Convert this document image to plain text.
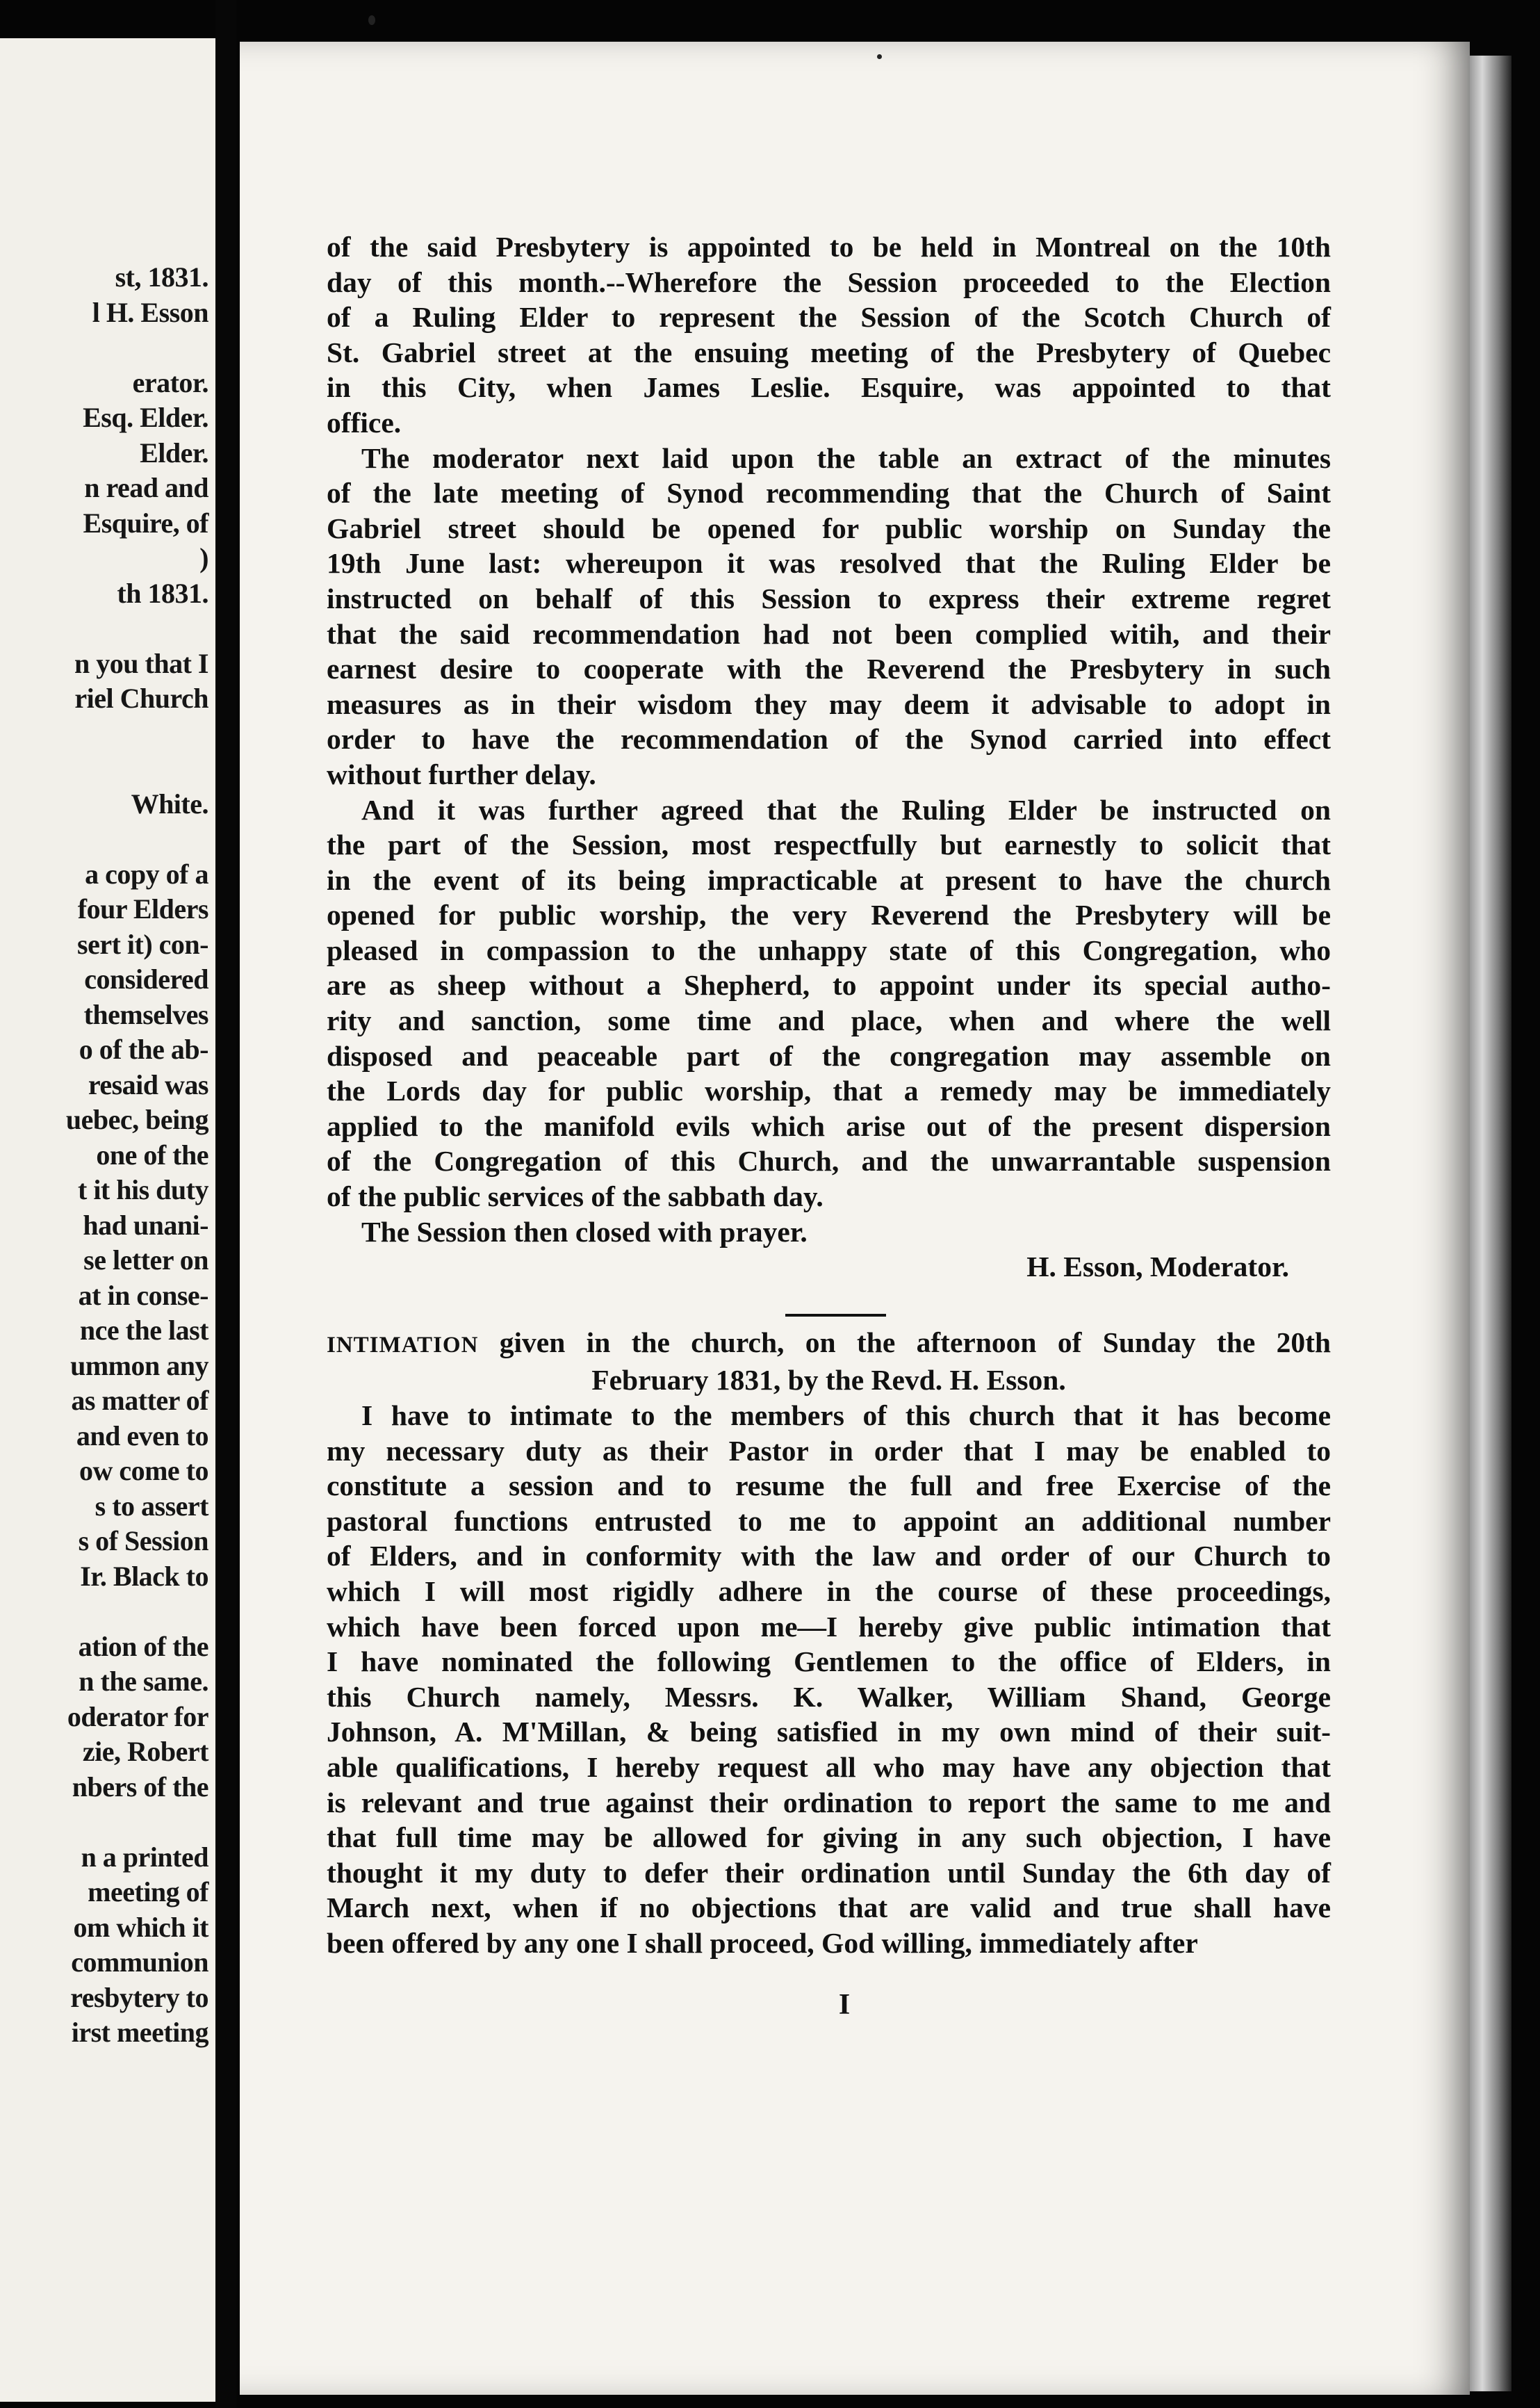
st, 1831.
l H. Esson
erator.
Esq. Elder.
Elder.
n read and
Esquire, of
)
th 1831.
n you that I
riel Church
White.
a copy of a
four Elders
sert it) con-
considered
themselves
o of the ab-
resaid was
uebec, being
one of the
t it his duty
had unani-
se letter on
at in conse-
nce the last
ummon any
as matter of
and even to
ow come to
s to assert
s of Session
Ir. Black to
ation of the
n the same.
oderator for
zie, Robert
nbers of the
n a printed
meeting of
om which it
communion
resbytery to
irst meeting
of the said Presbytery is appointed to be held in Montreal on the 10th
day of this month.--Wherefore the Session proceeded to the Election
of a Ruling Elder to represent the Session of the Scotch Church of
St. Gabriel street at the ensuing meeting of the Presbytery of Quebec
in this City, when James Leslie. Esquire, was appointed to that
office.
The moderator next laid upon the table an extract of the minutes
of the late meeting of Synod recommending that the Church of Saint
Gabriel street should be opened for public worship on Sunday the
19th June last: whereupon it was resolved that the Ruling Elder be
instructed on behalf of this Session to express their extreme regret
that the said recommendation had not been complied witih, and their
earnest desire to cooperate with the Reverend the Presbytery in such
measures as in their wisdom they may deem it advisable to adopt in
order to have the recommendation of the Synod carried into effect
without further delay.
And it was further agreed that the Ruling Elder be instructed on
the part of the Session, most respectfully but earnestly to solicit that
in the event of its being impracticable at present to have the church
opened for public worship, the very Reverend the Presbytery will be
pleased in compassion to the unhappy state of this Congregation, who
are as sheep without a Shepherd, to appoint under its special autho-
rity and sanction, some time and place, when and where the well
disposed and peaceable part of the congregation may assemble on
the Lords day for public worship, that a remedy may be immediately
applied to the manifold evils which arise out of the present dispersion
of the Congregation of this Church, and the unwarrantable suspension
of the public services of the sabbath day.
The Session then closed with prayer.
H. Esson, Moderator.
INTIMATION given in the church, on the afternoon of Sunday the 20th
February 1831, by the Revd. H. Esson.
I have to intimate to the members of this church that it has become
my necessary duty as their Pastor in order that I may be enabled to
constitute a session and to resume the full and free Exercise of the
pastoral functions entrusted to me to appoint an additional number
of Elders, and in conformity with the law and order of our Church to
which I will most rigidly adhere in the course of these proceedings,
which have been forced upon me—I hereby give public intimation that
I have nominated the following Gentlemen to the office of Elders, in
this Church namely, Messrs. K. Walker, William Shand, George
Johnson, A. M'Millan, & being satisfied in my own mind of their suit-
able qualifications, I hereby request all who may have any objection that
is relevant and true against their ordination to report the same to me and
that full time may be allowed for giving in any such objection, I have
thought it my duty to defer their ordination until Sunday the 6th day of
March next, when if no objections that are valid and true shall have
been offered by any one I shall proceed, God willing, immediately after
I
